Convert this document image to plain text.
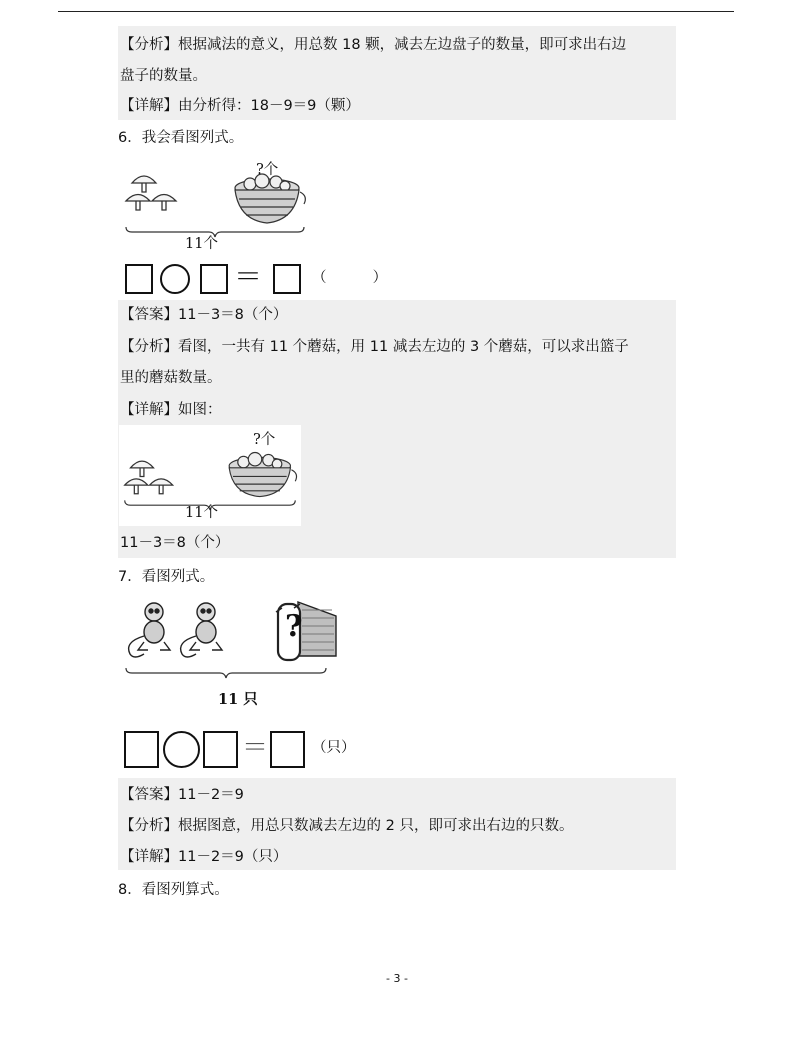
【分析】根据减法的意义，用总数 18 颗，减去左边盘子的数量，即可求出右边
盘子的数量。
【详解】由分析得：18－9＝9（颗）
6．我会看图列式。
?个
11个
＝	（          ）
【答案】11－3＝8（个）
【分析】看图，一共有 11 个蘑菇，用 11 减去左边的 3 个蘑菇，可以求出篮子
里的蘑菇数量。
【详解】如图：
?个
11个
11－3＝8（个）
7．看图列式。
?
11 只
＝	（只）
【答案】11－2＝9
【分析】根据图意，用总只数减去左边的 2 只，即可求出右边的只数。
【详解】11－2＝9（只）
8．看图列算式。
- 3 -
